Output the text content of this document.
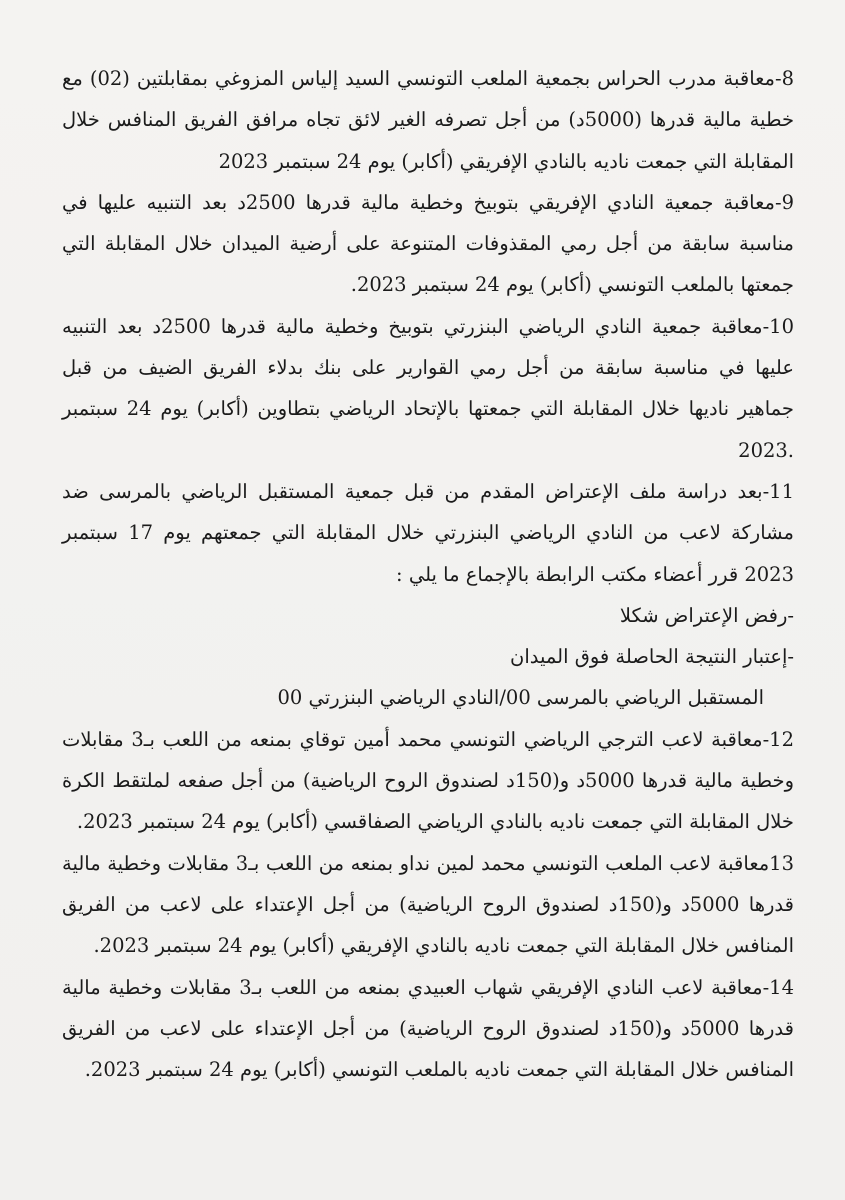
8-معاقبة مدرب الحراس بجمعية الملعب التونسي السيد إلياس المزوغي بمقابلتين (02) مع خطية مالية قدرها (5000د) من أجل تصرفه الغير لائق تجاه مرافق الفريق المنافس خلال المقابلة التي جمعت ناديه بالنادي الإفريقي (أكابر) يوم 24 سبتمبر 2023

9-معاقبة جمعية النادي الإفريقي بتوبيخ وخطية مالية قدرها 2500د بعد التنبيه عليها في مناسبة سابقة من أجل رمي المقذوفات المتنوعة على أرضية الميدان خلال المقابلة التي جمعتها بالملعب التونسي (أكابر) يوم 24 سبتمبر 2023.

10-معاقبة جمعية النادي الرياضي البنزرتي بتوبيخ وخطية مالية قدرها 2500د بعد التنبيه عليها في مناسبة سابقة من أجل رمي القوارير على بنك بدلاء الفريق الضيف من قبل جماهير ناديها خلال المقابلة التي جمعتها بالإتحاد الرياضي بتطاوين (أكابر) يوم 24 سبتمبر .2023

11-بعد دراسة ملف الإعتراض المقدم من قبل جمعية المستقبل الرياضي بالمرسى ضد مشاركة لاعب من النادي الرياضي البنزرتي خلال المقابلة التي جمعتهم يوم 17 سبتمبر 2023 قرر أعضاء مكتب الرابطة بالإجماع ما يلي :

-رفض الإعتراض شكلا

-إعتبار النتيجة الحاصلة فوق الميدان

المستقبل الرياضي بالمرسى 00/النادي الرياضي البنزرتي 00

12-معاقبة لاعب الترجي الرياضي التونسي محمد أمين توقاي بمنعه من اللعب بـ3 مقابلات وخطية مالية قدرها 5000د و(150د لصندوق الروح الرياضية) من أجل صفعه لملتقط الكرة خلال المقابلة التي جمعت ناديه بالنادي الرياضي الصفاقسي (أكابر) يوم 24 سبتمبر 2023.

13معاقبة لاعب الملعب التونسي محمد لمين نداو بمنعه من اللعب بـ3 مقابلات وخطية مالية قدرها 5000د و(150د لصندوق الروح الرياضية) من أجل الإعتداء على لاعب من الفريق المنافس خلال المقابلة التي جمعت ناديه بالنادي الإفريقي (أكابر) يوم 24 سبتمبر 2023.

14-معاقبة لاعب النادي الإفريقي شهاب العبيدي بمنعه من اللعب بـ3 مقابلات وخطية مالية قدرها 5000د و(150د لصندوق الروح الرياضية) من أجل الإعتداء على لاعب من الفريق المنافس خلال المقابلة التي جمعت ناديه بالملعب التونسي (أكابر) يوم 24 سبتمبر 2023.
